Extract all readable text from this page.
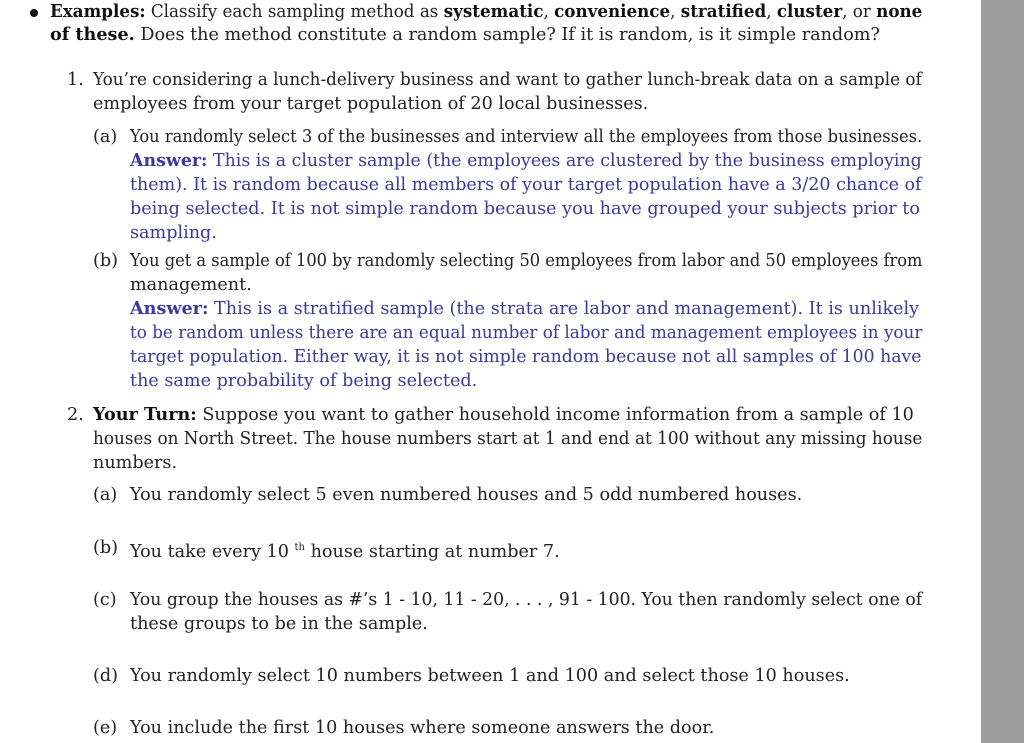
Examples: Classify each sampling method as systematic, convenience, stratified, cluster, or none
of these. Does the method constitute a random sample? If it is random, is it simple random?
1. You’re considering a lunch-delivery business and want to gather lunch-break data on a sample of
employees from your target population of 20 local businesses.
(a) You randomly select 3 of the businesses and interview all the employees from those businesses.
Answer: This is a cluster sample (the employees are clustered by the business employing
them). It is random because all members of your target population have a 3/20 chance of
being selected. It is not simple random because you have grouped your subjects prior to
sampling.
(b) You get a sample of 100 by randomly selecting 50 employees from labor and 50 employees from
management.
Answer: This is a stratified sample (the strata are labor and management). It is unlikely
to be random unless there are an equal number of labor and management employees in your
target population. Either way, it is not simple random because not all samples of 100 have
the same probability of being selected.
2. Your Turn: Suppose you want to gather household income information from a sample of 10
houses on North Street. The house numbers start at 1 and end at 100 without any missing house
numbers.
(a) You randomly select 5 even numbered houses and 5 odd numbered houses.
(b) You take every 10 $^{th}$ house starting at number 7.
(c) You group the houses as #’s 1 - 10, 11 - 20, . . . , 91 - 100. You then randomly select one of
these groups to be in the sample.
(d) You randomly select 10 numbers between 1 and 100 and select those 10 houses.
(e) You include the first 10 houses where someone answers the door.
